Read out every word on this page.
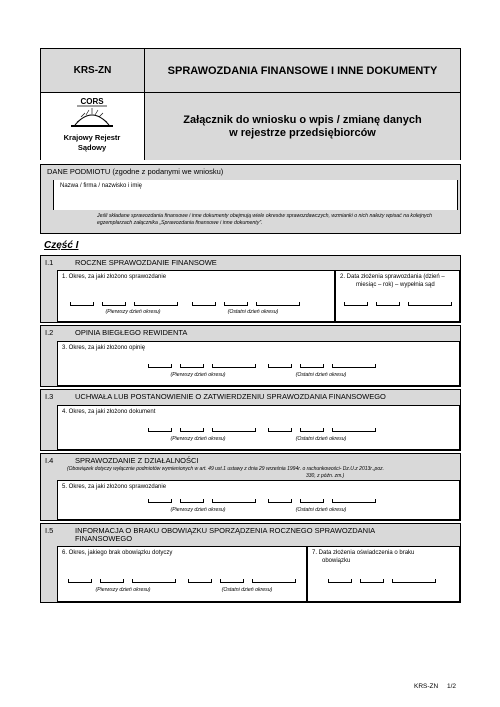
KRS-ZN
CORS
Krajowy Rejestr
Sądowy
SPRAWOZDANIA FINANSOWE I INNE DOKUMENTY
Załącznik do wniosku o wpis / zmianę danych
w rejestrze przedsiębiorców
DANE PODMIOTU (zgodne z podanymi we wniosku)
Nazwa / firma / nazwisko i imię
Jeśli składane sprawozdania finansowe i inne dokumenty obejmują wiele okresów sprawozdawczych, wzmianki o nich należy wpisać na kolejnych egzemplarzach załącznika „Sprawozdania finansowe i inne dokumenty”.
Część I
I.1	ROCZNE SPRAWOZDANIE FINANSOWE
1. Okres, za jaki złożono sprawozdanie
(Pierwszy dzień okresu)	(Ostatni dzień okresu)
2. Data złożenia sprawozdania (dzień –
miesiąc – rok) – wypełnia sąd
I.2	OPINIA BIEGŁEGO REWIDENTA
3. Okres, za jaki złożono opinię
(Pierwszy dzień okresu)	(Ostatni dzień okresu)
I.3	UCHWAŁA LUB POSTANOWIENIE O ZATWIERDZENIU SPRAWOZDANIA FINANSOWEGO
4. Okres, za jaki złożono dokument
(Pierwszy dzień okresu)	(Ostatni dzień okresu)
I.4	SPRAWOZDANIE Z DZIAŁALNOŚCI
(Obowiązek dotyczy wyłącznie podmiotów wymienionych w art. 49 ust.1 ustawy z dnia 29 września 1994r. o rachunkowości- Dz.U.z 2013r.,poz.
330, z późn. zm.)
5. Okres, za jaki złożono sprawozdanie
(Pierwszy dzień okresu)	(Ostatni dzień okresu)
I.5	INFORMACJA O BRAKU OBOWIĄZKU SPORZĄDZENIA ROCZNEGO SPRAWOZDANIA
FINANSOWEGO
6. Okres, jakiego brak obowiązku dotyczy
(Pierwszy dzień okresu)	(Ostatni dzień okresu)
7. Data złożenia oświadczenia o braku
obowiązku
KRS-ZN 1/2
